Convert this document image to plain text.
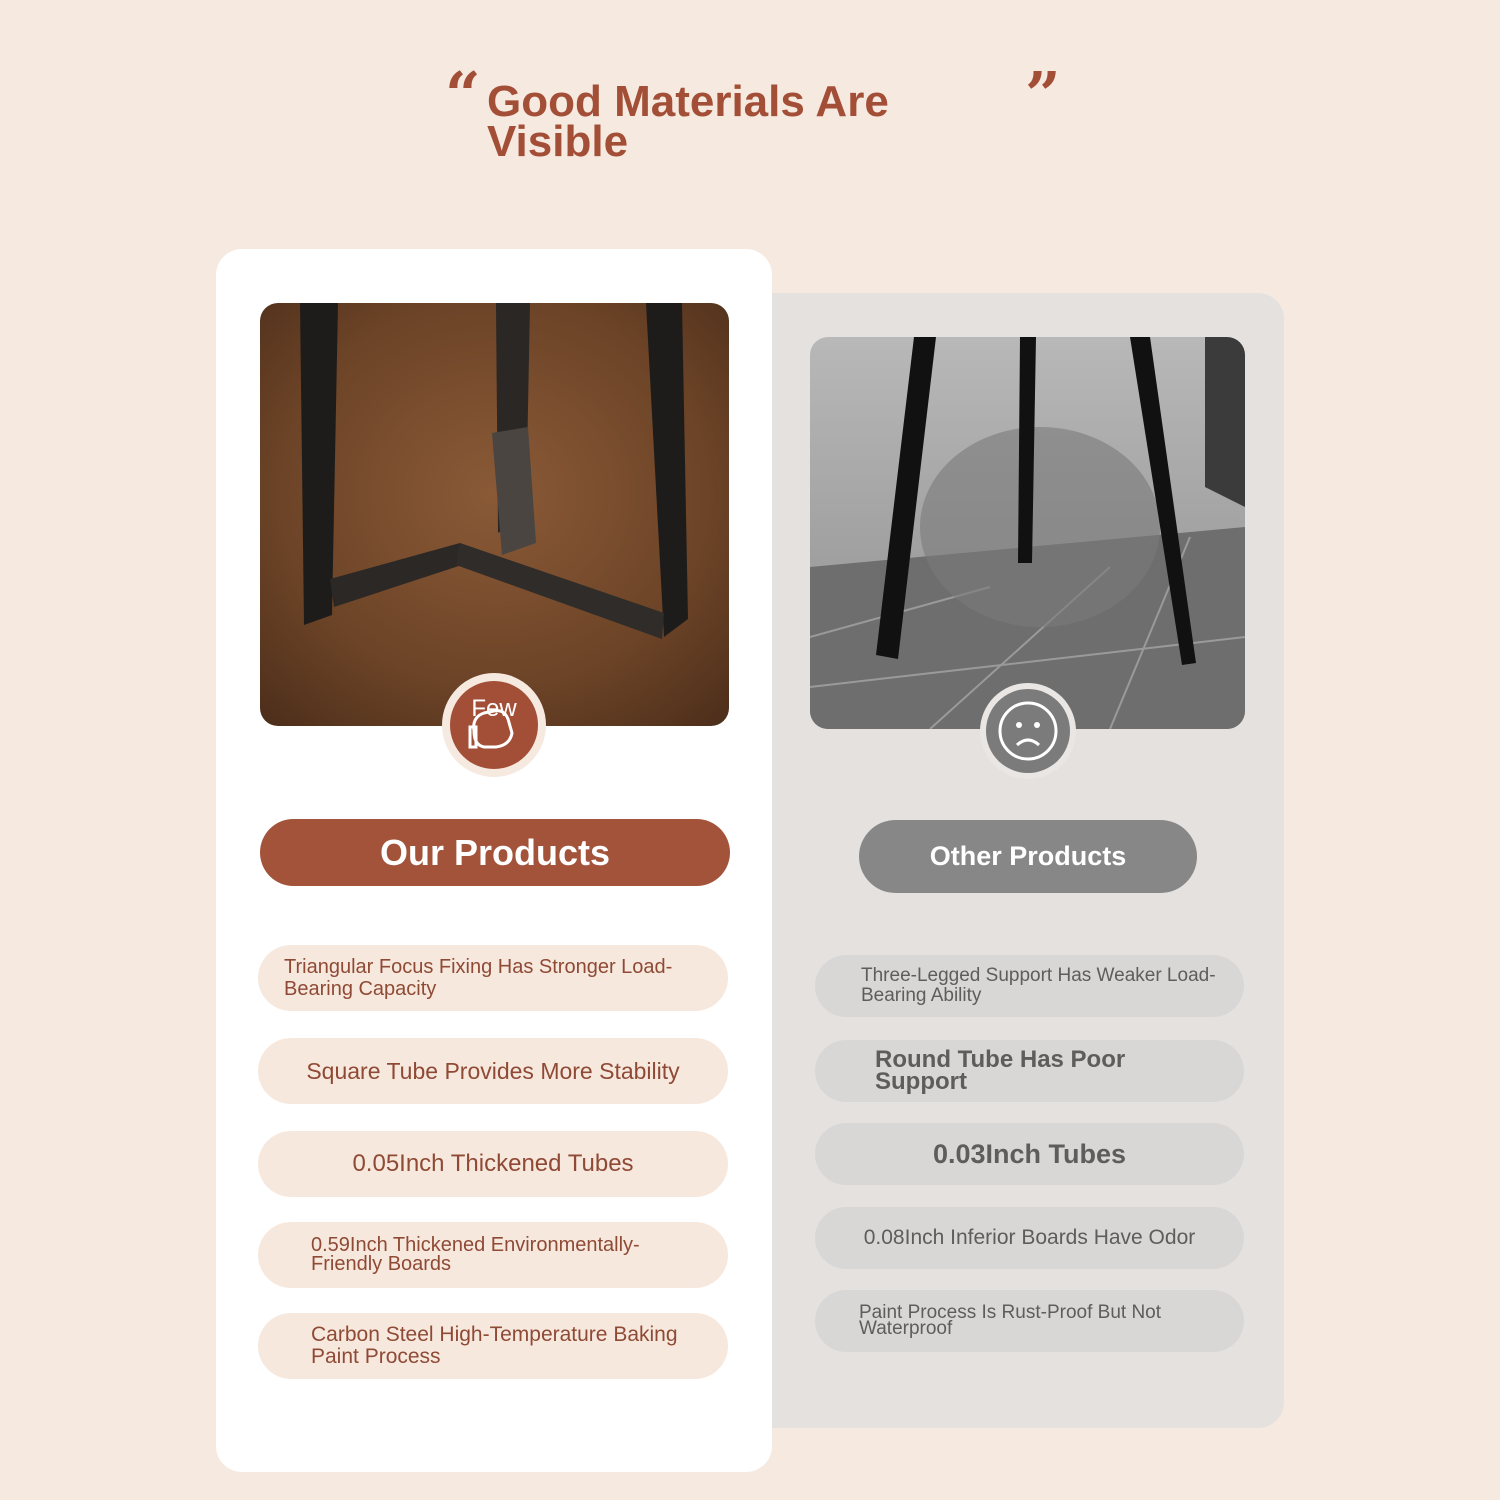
“ Good Materials Are Visible
”
Few
Our Products
Triangular Focus Fixing Has Stronger Load-Bearing Capacity
Square Tube Provides More Stability
0.05Inch Thickened Tubes
0.59Inch Thickened Environmentally-Friendly Boards
Carbon Steel High-Temperature Baking Paint Process
Other Products
Three-Legged Support Has Weaker Load-Bearing Ability
Round Tube Has Poor Support
0.03Inch Tubes
0.08Inch Inferior Boards Have Odor
Paint Process Is Rust-Proof But Not Waterproof
